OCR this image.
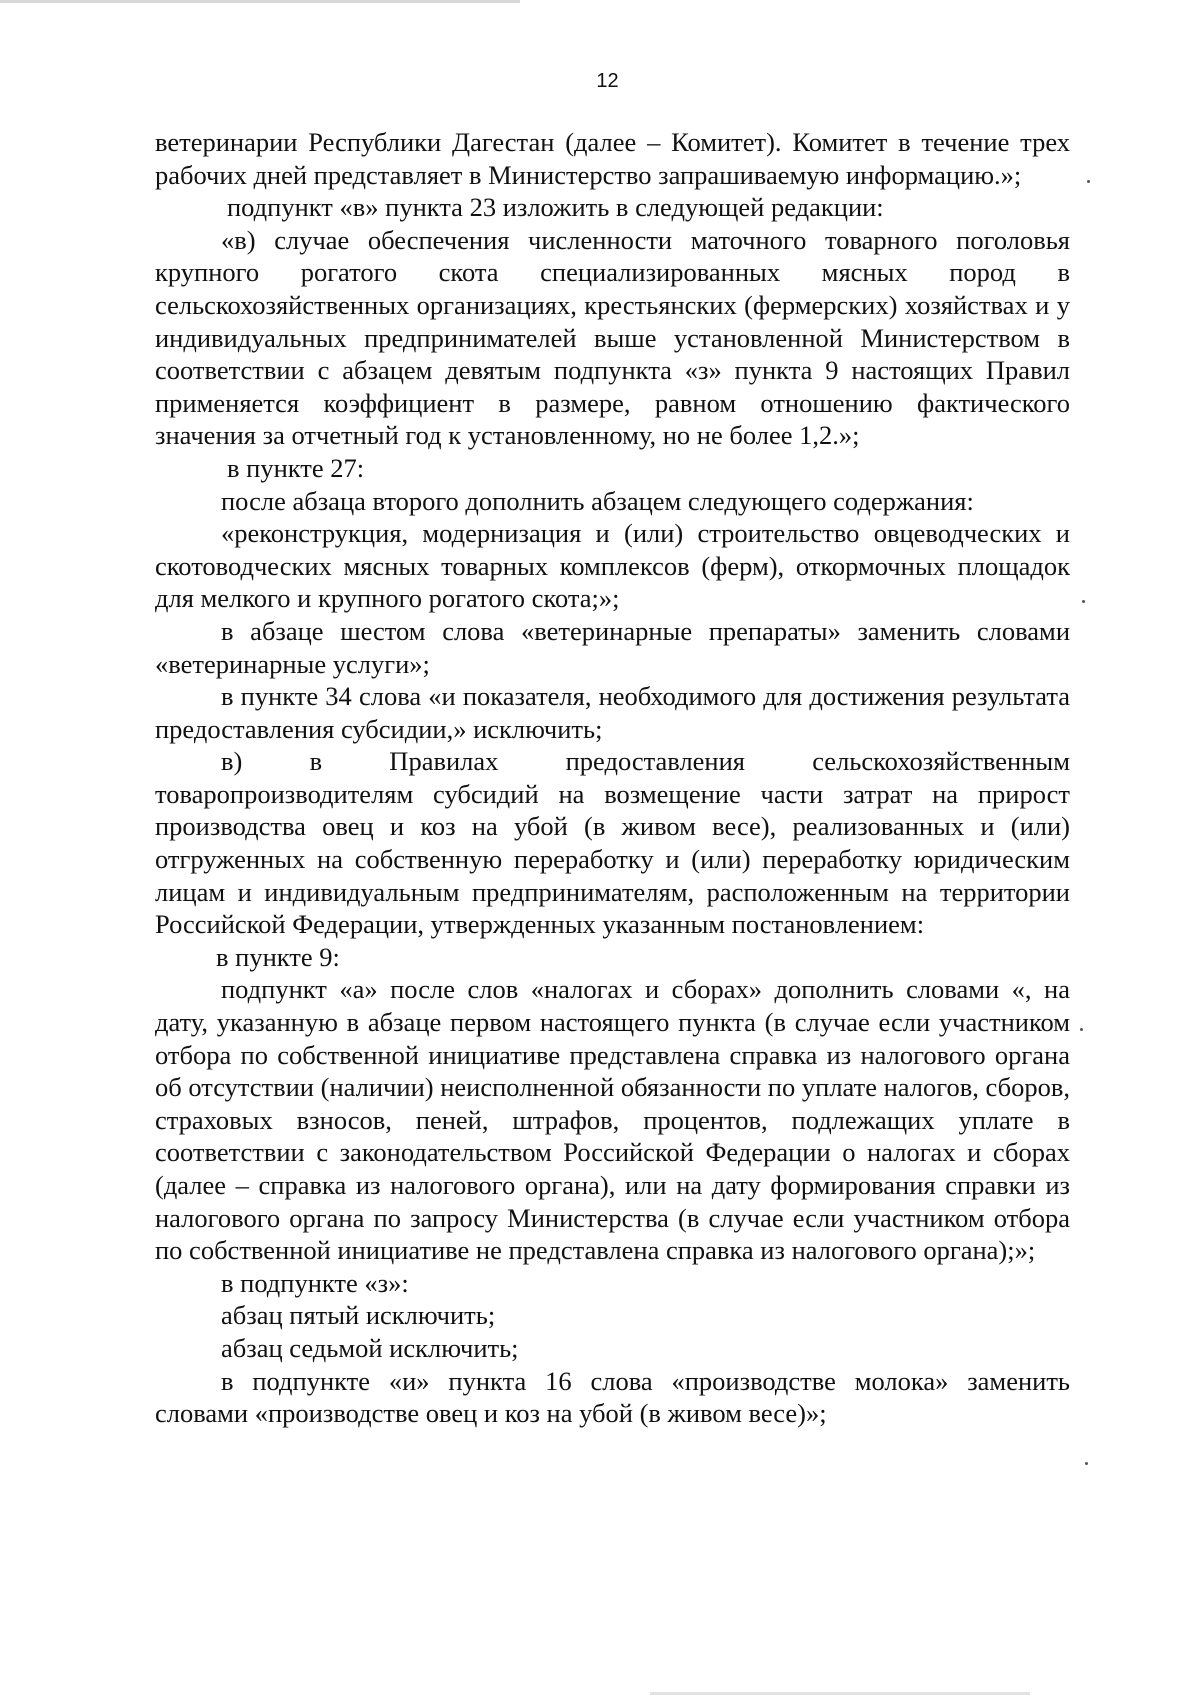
12

ветеринарии Республики Дагестан (далее – Комитет). Комитет в течение трех рабочих дней представляет в Министерство запрашиваемую информацию.»;

подпункт «в» пункта 23 изложить в следующей редакции:

«в) случае обеспечения численности маточного товарного поголовья крупного рогатого скота специализированных мясных пород в сельскохозяйственных организациях, крестьянских (фермерских) хозяйствах и у индивидуальных предпринимателей выше установленной Министерством в соответствии с абзацем девятым подпункта «з» пункта 9 настоящих Правил применяется коэффициент в размере, равном отношению фактического значения за отчетный год к установленному, но не более 1,2.»;

в пункте 27:

после абзаца второго дополнить абзацем следующего содержания:

«реконструкция, модернизация и (или) строительство овцеводческих и скотоводческих мясных товарных комплексов (ферм), откормочных площадок для мелкого и крупного рогатого скота;»;

в абзаце шестом слова «ветеринарные препараты» заменить словами «ветеринарные услуги»;

в пункте 34 слова «и показателя, необходимого для достижения результата предоставления субсидии,» исключить;

в) в Правилах предоставления сельскохозяйственным товаропроизводителям субсидий на возмещение части затрат на прирост производства овец и коз на убой (в живом весе), реализованных и (или) отгруженных на собственную переработку и (или) переработку юридическим лицам и индивидуальным предпринимателям, расположенным на территории Российской Федерации, утвержденных указанным постановлением:

в пункте 9:

подпункт «а» после слов «налогах и сборах» дополнить словами «, на дату, указанную в абзаце первом настоящего пункта (в случае если участником отбора по собственной инициативе представлена справка из налогового органа об отсутствии (наличии) неисполненной обязанности по уплате налогов, сборов, страховых взносов, пеней, штрафов, процентов, подлежащих уплате в соответствии с законодательством Российской Федерации о налогах и сборах (далее – справка из налогового органа), или на дату формирования справки из налогового органа по запросу Министерства (в случае если участником отбора по собственной инициативе не представлена справка из налогового органа);»;

в подпункте «з»:

абзац пятый исключить;

абзац седьмой исключить;

в подпункте «и» пункта 16 слова «производстве молока» заменить словами «производстве овец и коз на убой (в живом весе)»;
